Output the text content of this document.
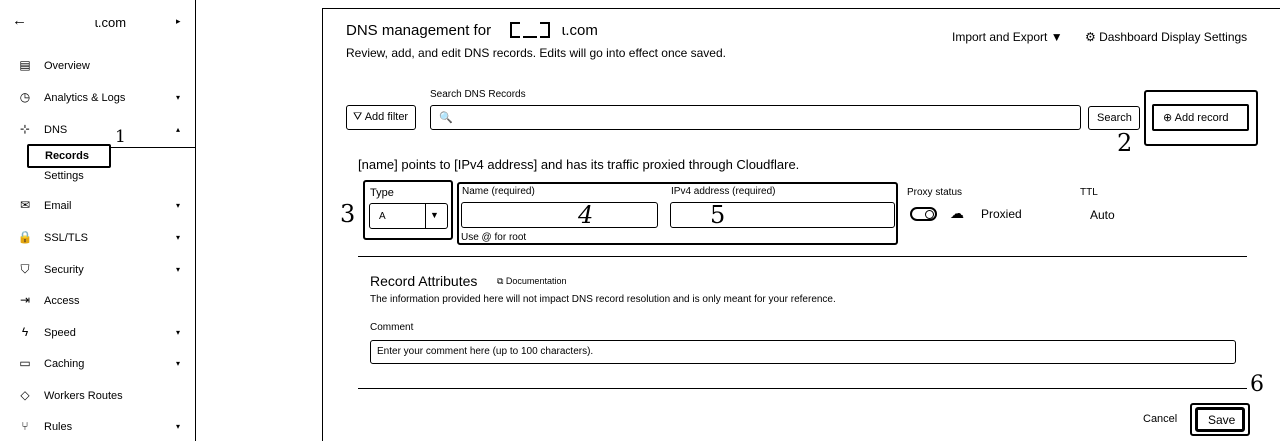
←	ɩ.com	▸
▤ Overview
◷ Analytics & Logs	▾
⊹ DNS	▴
✉ Email	▾
🔒 SSL/TLS	▾
⛉	Security	▾
⇥ Access
ϟ	Speed	▾
▭ Caching	▾
◇	Workers Routes
⑂	Rules	▾
Records
Settings
1
DNS management for	ɩ.com
Review, add, and edit DNS records. Edits will go into effect once saved.
Import and Export ▼ ⚙ Dashboard Display Settings
⛛ Add filter
Search DNS Records
🔍	Search	⊕ Add record
2
[name] points to [IPv4 address] and has its traffic proxied through Cloudflare.
Type
A	▼
3
Name (required)
Use @ for root
4
IPv4 address (required)
5
Proxy status
☁ Proxied
TTL
Auto
Record Attributes ⧉ Documentation
The information provided here will not impact DNS record resolution and is only meant for your reference.
Comment
Enter your comment here (up to 100 characters).
6
Cancel	Save
